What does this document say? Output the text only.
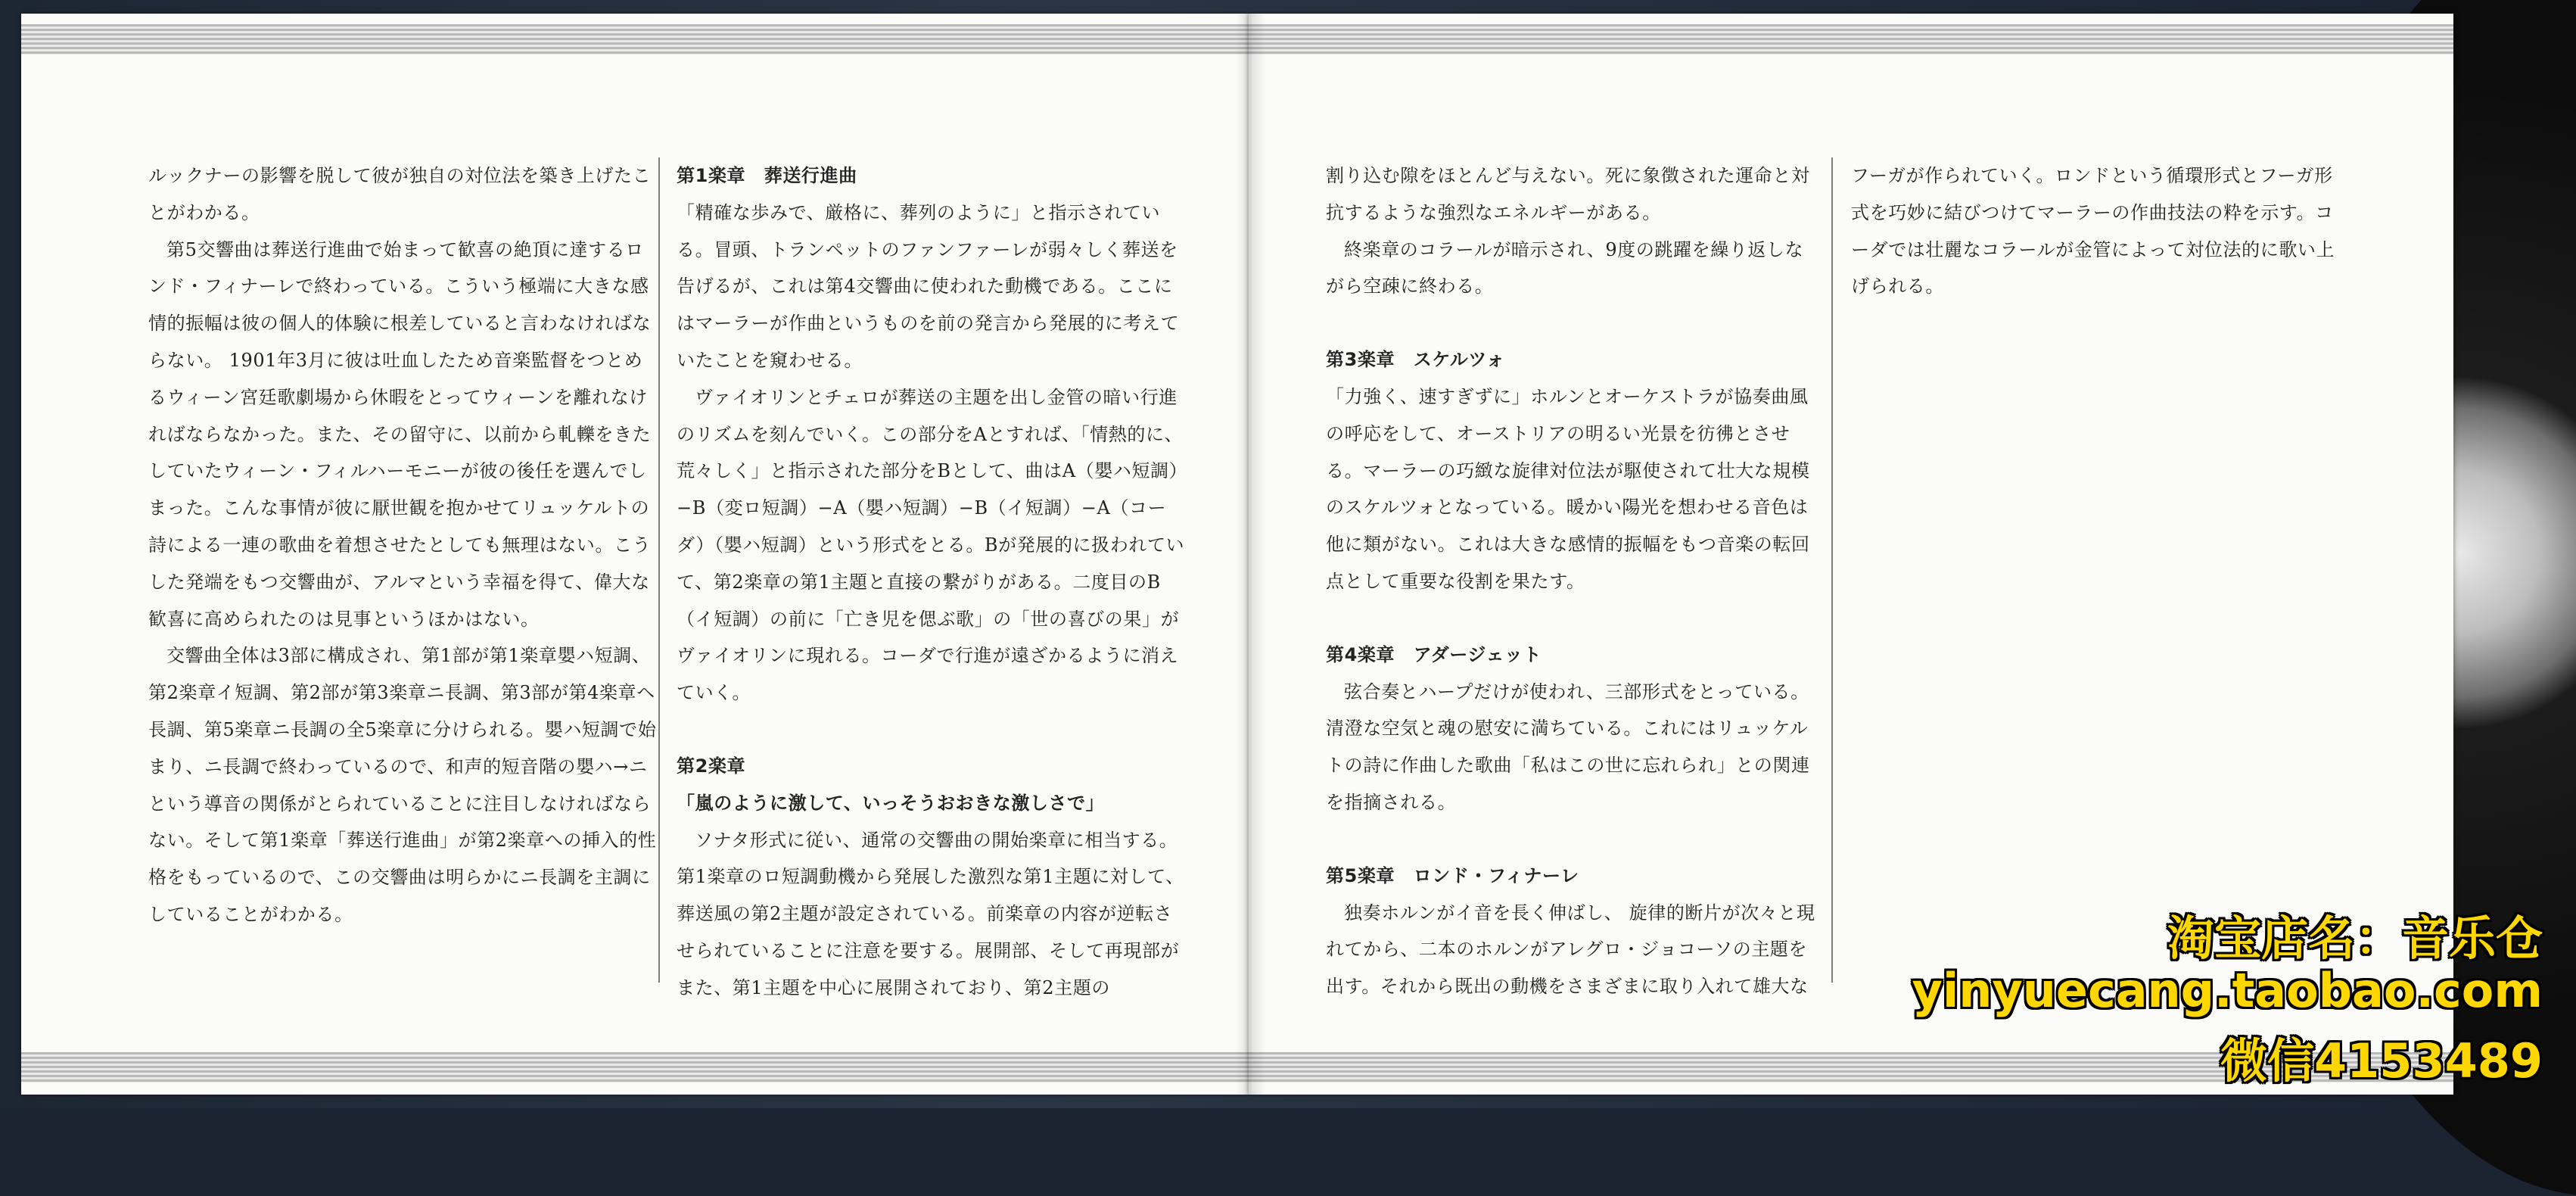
ルックナーの影響を脱して彼が独自の対位法を築き上げたことがわかる。

第5交響曲は葬送行進曲で始まって歓喜の絶頂に達するロンド・フィナーレで終わっている。こういう極端に大きな感情的振幅は彼の個人的体験に根差していると言わなければならない。 1901年3月に彼は吐血したため音楽監督をつとめるウィーン宮廷歌劇場から休暇をとってウィーンを離れなければならなかった。また、その留守に、以前から軋轢をきたしていたウィーン・フィルハーモニーが彼の後任を選んでしまった。こんな事情が彼に厭世観を抱かせてリュッケルトの詩による一連の歌曲を着想させたとしても無理はない。こうした発端をもつ交響曲が、アルマという幸福を得て、偉大な歓喜に高められたのは見事というほかはない。

交響曲全体は3部に構成され、第1部が第1楽章嬰ハ短調、第2楽章イ短調、第2部が第3楽章ニ長調、第3部が第4楽章ヘ長調、第5楽章ニ長調の全5楽章に分けられる。嬰ハ短調で始まり、ニ長調で終わっているので、和声的短音階の嬰ハ→ニという導音の関係がとられていることに注目しなければならない。そして第1楽章「葬送行進曲」が第2楽章への挿入的性格をもっているので、この交響曲は明らかにニ長調を主調にしていることがわかる。

第1楽章　葬送行進曲

「精確な歩みで、厳格に、葬列のように」と指示されている。冒頭、トランペットのファンファーレが弱々しく葬送を告げるが、これは第4交響曲に使われた動機である。ここにはマーラーが作曲というものを前の発言から発展的に考えていたことを窺わせる。

ヴァイオリンとチェロが葬送の主題を出し金管の暗い行進のリズムを刻んでいく。この部分をAとすれば、「情熱的に、荒々しく」と指示された部分をBとして、曲はA（嬰ハ短調）−B（変ロ短調）−A（嬰ハ短調）−B（イ短調）−A（コーダ）（嬰ハ短調）という形式をとる。Bが発展的に扱われていて、第2楽章の第1主題と直接の繋がりがある。二度目のB（イ短調）の前に「亡き児を偲ぶ歌」の「世の喜びの果」がヴァイオリンに現れる。コーダで行進が遠ざかるように消えていく。

第2楽章

「嵐のように激して、いっそうおおきな激しさで」

ソナタ形式に従い、通常の交響曲の開始楽章に相当する。第1楽章のロ短調動機から発展した激烈な第1主題に対して、葬送風の第2主題が設定されている。前楽章の内容が逆転させられていることに注意を要する。展開部、そして再現部がまた、第1主題を中心に展開されており、第2主題の

割り込む隙をほとんど与えない。死に象徴された運命と対抗するような強烈なエネルギーがある。

終楽章のコラールが暗示され、9度の跳躍を繰り返しながら空疎に終わる。

第3楽章　スケルツォ

「力強く、速すぎずに」ホルンとオーケストラが協奏曲風の呼応をして、オーストリアの明るい光景を彷彿とさせる。マーラーの巧緻な旋律対位法が駆使されて壮大な規模のスケルツォとなっている。暖かい陽光を想わせる音色は他に類がない。これは大きな感情的振幅をもつ音楽の転回点として重要な役割を果たす。

第4楽章　アダージェット

弦合奏とハープだけが使われ、三部形式をとっている。清澄な空気と魂の慰安に満ちている。これにはリュッケルトの詩に作曲した歌曲「私はこの世に忘れられ」との関連を指摘される。

第5楽章　ロンド・フィナーレ

独奏ホルンがイ音を長く伸ばし、 旋律的断片が次々と現れてから、二本のホルンがアレグロ・ジョコーソの主題を出す。それから既出の動機をさまざまに取り入れて雄大な

フーガが作られていく。ロンドという循環形式とフーガ形式を巧妙に結びつけてマーラーの作曲技法の粋を示す。コーダでは壮麗なコラールが金管によって対位法的に歌い上げられる。

淘宝店名：音乐仓
yinyuecang.taobao.com
微信4153489
